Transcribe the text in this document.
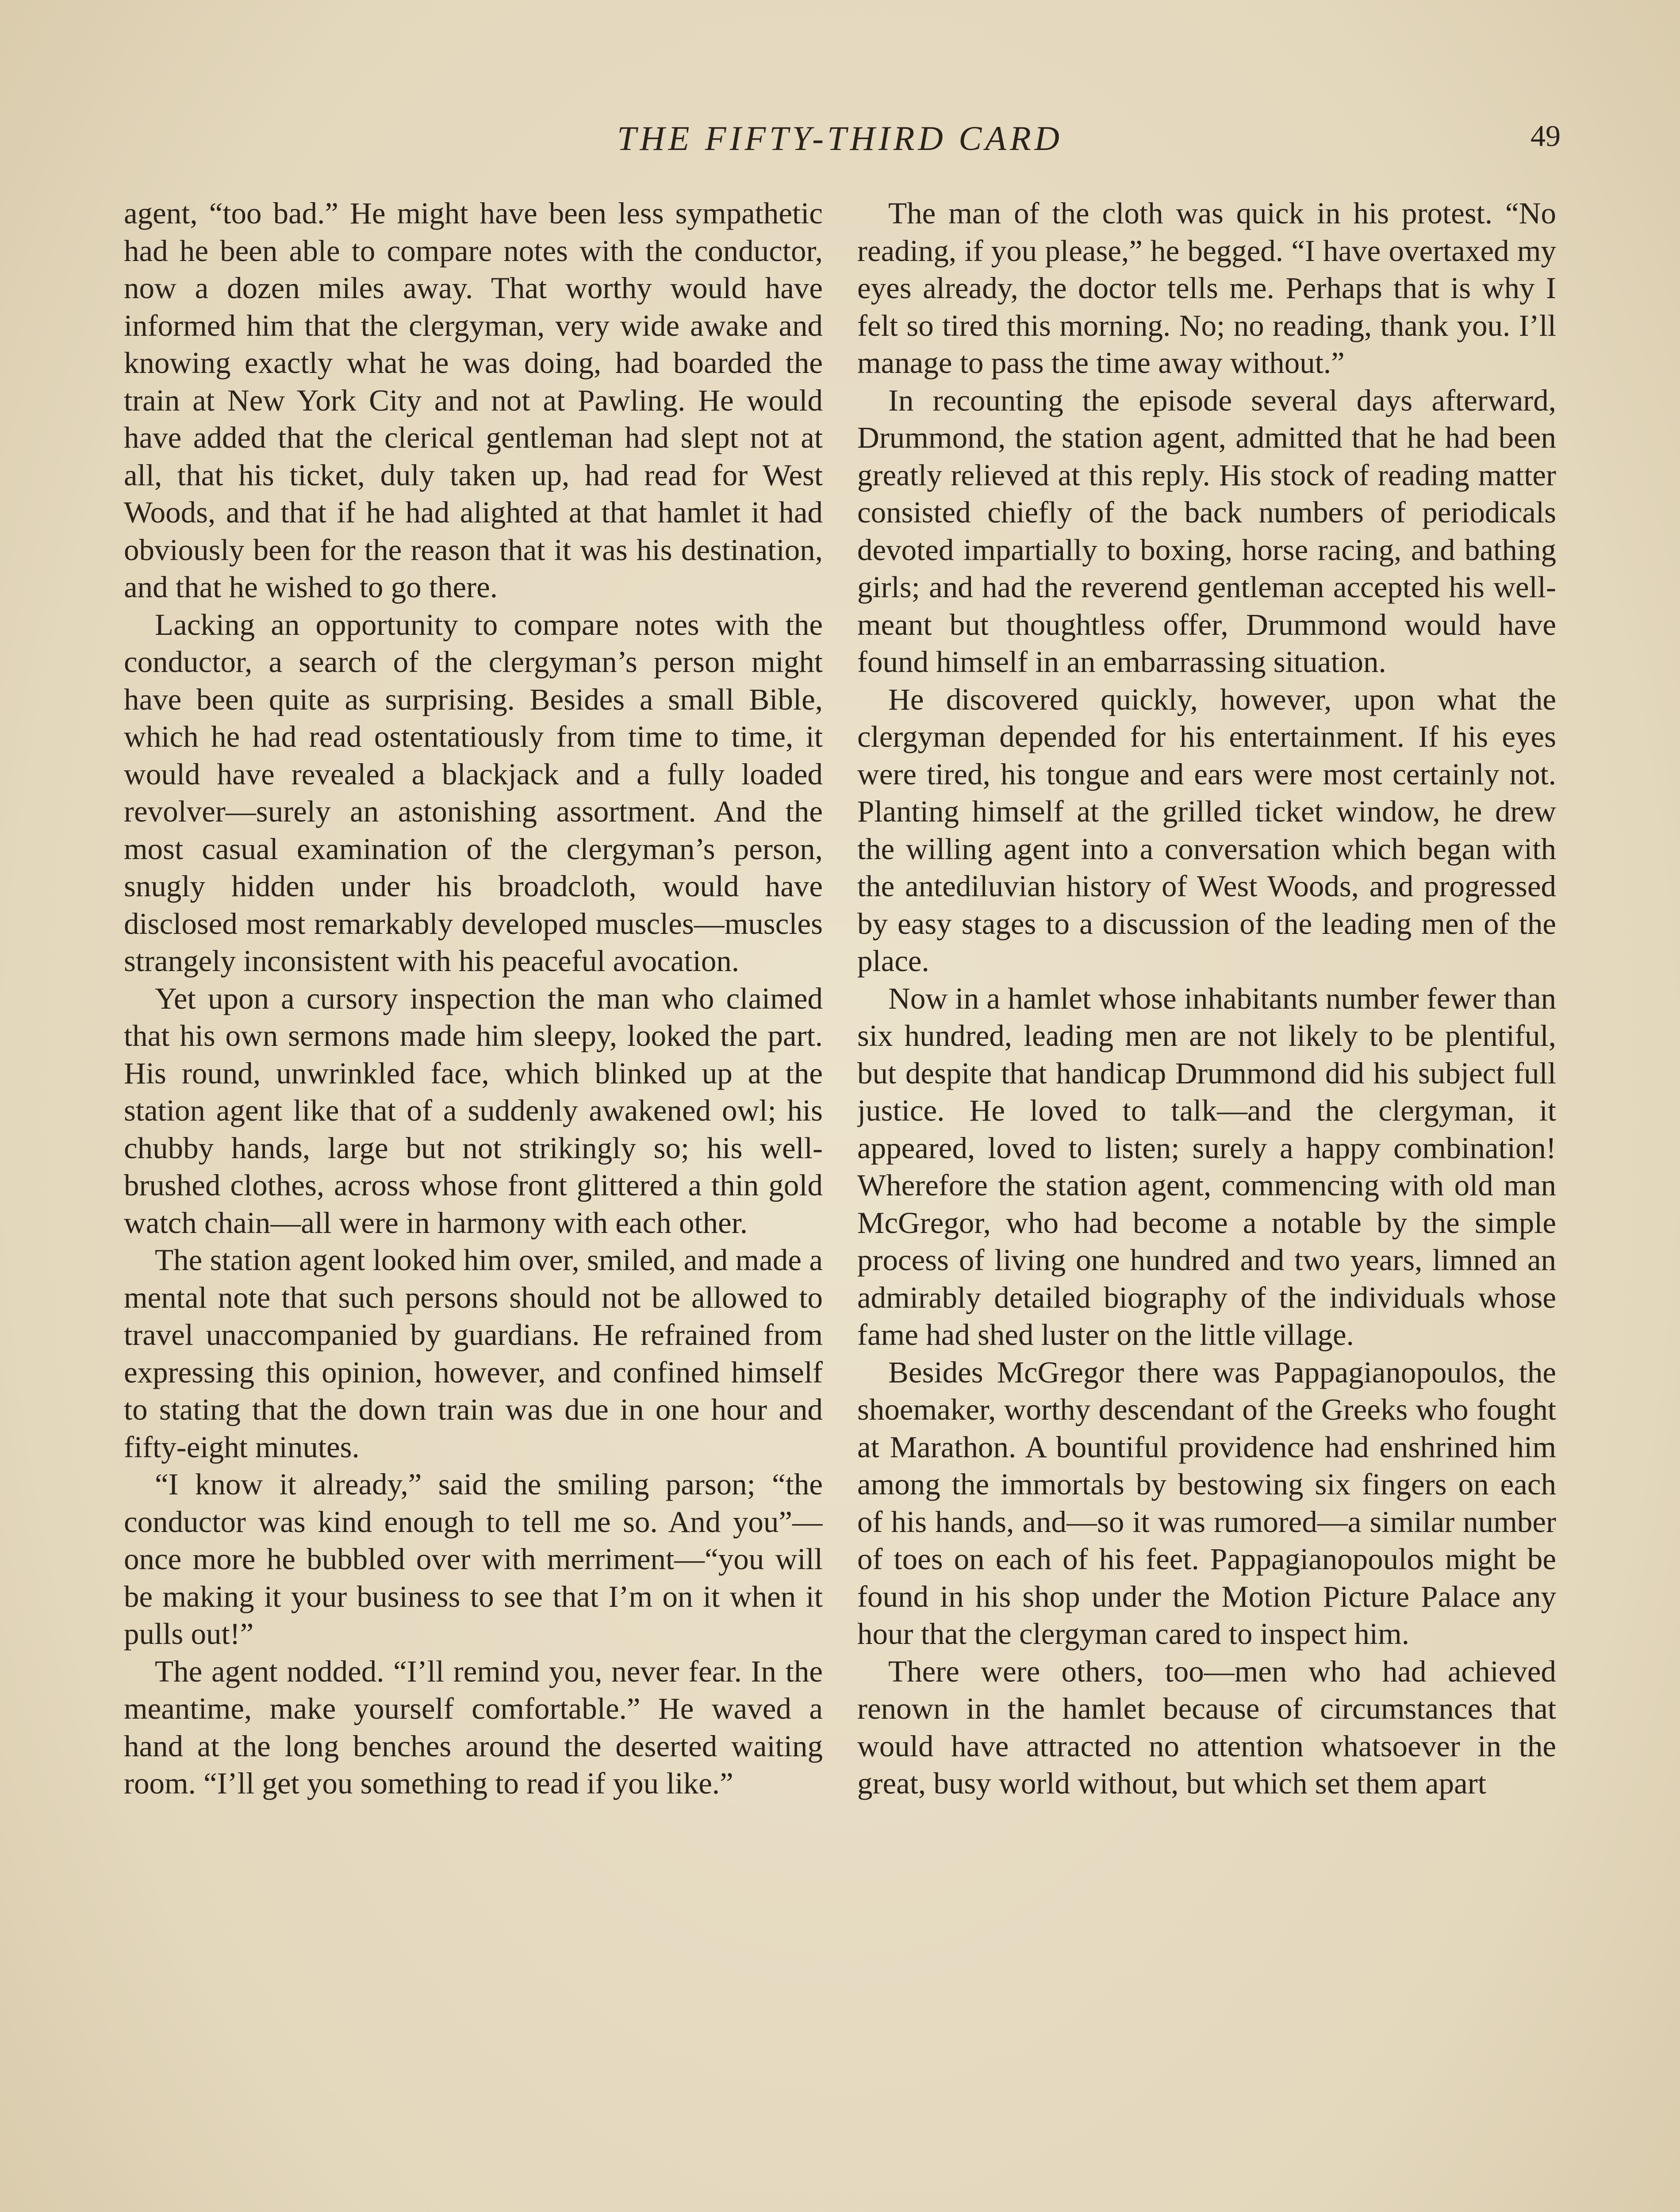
THE FIFTY-THIRD CARD	49

agent, “too bad.” He might have been less sympathetic had he been able to compare notes with the conductor, now a dozen miles away. That worthy would have informed him that the clergyman, very wide awake and knowing exactly what he was doing, had boarded the train at New York City and not at Pawling. He would have added that the clerical gentleman had slept not at all, that his ticket, duly taken up, had read for West Woods, and that if he had alighted at that hamlet it had obviously been for the reason that it was his destination, and that he wished to go there.

Lacking an opportunity to compare notes with the conductor, a search of the clergyman’s person might have been quite as surprising. Besides a small Bible, which he had read ostentatiously from time to time, it would have revealed a blackjack and a fully loaded revolver—surely an astonishing assortment. And the most casual examination of the clergyman’s person, snugly hidden under his broadcloth, would have disclosed most remarkably developed muscles—muscles strangely inconsistent with his peaceful avocation.

Yet upon a cursory inspection the man who claimed that his own sermons made him sleepy, looked the part. His round, unwrinkled face, which blinked up at the station agent like that of a suddenly awakened owl; his chubby hands, large but not strikingly so; his well-brushed clothes, across whose front glittered a thin gold watch chain—all were in harmony with each other.

The station agent looked him over, smiled, and made a mental note that such persons should not be allowed to travel unaccompanied by guardians. He refrained from expressing this opinion, however, and confined himself to stating that the down train was due in one hour and fifty-eight minutes.

“I know it already,” said the smiling parson; “the conductor was kind enough to tell me so. And you”—once more he bubbled over with merriment—“you will be making it your business to see that I’m on it when it pulls out!”

The agent nodded. “I’ll remind you, never fear. In the meantime, make yourself comfortable.” He waved a hand at the long benches around the deserted waiting room. “I’ll get you something to read if you like.”

The man of the cloth was quick in his protest. “No reading, if you please,” he begged. “I have overtaxed my eyes already, the doctor tells me. Perhaps that is why I felt so tired this morning. No; no reading, thank you. I’ll manage to pass the time away without.”

In recounting the episode several days afterward, Drummond, the station agent, admitted that he had been greatly relieved at this reply. His stock of reading matter consisted chiefly of the back numbers of periodicals devoted impartially to boxing, horse racing, and bathing girls; and had the reverend gentleman accepted his well-meant but thoughtless offer, Drummond would have found himself in an embarrassing situation.

He discovered quickly, however, upon what the clergyman depended for his entertainment. If his eyes were tired, his tongue and ears were most certainly not. Planting himself at the grilled ticket window, he drew the willing agent into a conversation which began with the antediluvian history of West Woods, and progressed by easy stages to a discussion of the leading men of the place.

Now in a hamlet whose inhabitants number fewer than six hundred, leading men are not likely to be plentiful, but despite that handicap Drummond did his subject full justice. He loved to talk—and the clergyman, it appeared, loved to listen; surely a happy combination! Wherefore the station agent, commencing with old man McGregor, who had become a notable by the simple process of living one hundred and two years, limned an admirably detailed biography of the individuals whose fame had shed luster on the little village.

Besides McGregor there was Pappagianopoulos, the shoemaker, worthy descendant of the Greeks who fought at Marathon. A bountiful providence had enshrined him among the immortals by bestowing six fingers on each of his hands, and—so it was rumored—a similar number of toes on each of his feet. Pappagianopoulos might be found in his shop under the Motion Picture Palace any hour that the clergyman cared to inspect him.

There were others, too—men who had achieved renown in the hamlet because of circumstances that would have attracted no attention whatsoever in the great, busy world without, but which set them apart
